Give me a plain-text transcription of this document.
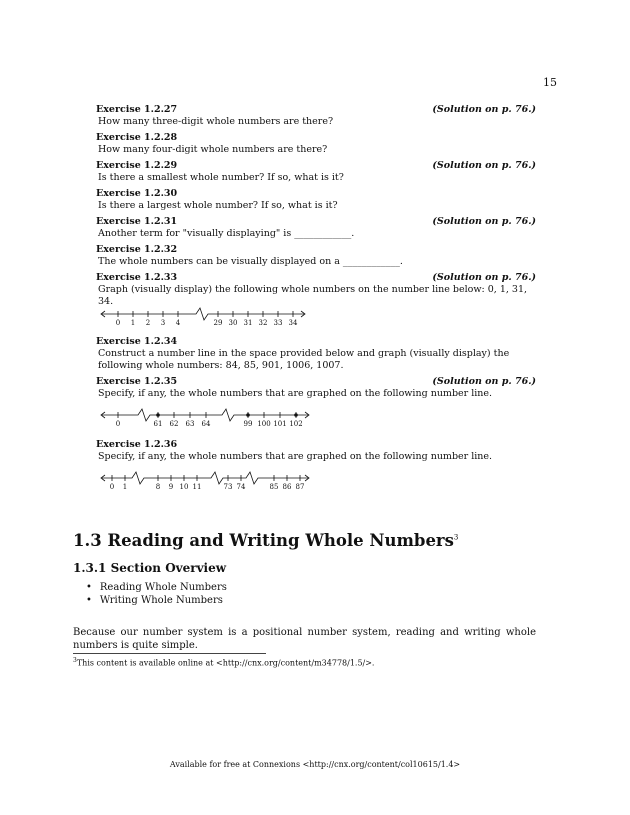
15
Exercise 1.2.27	(Solution on p. 76.)
How many three-digit whole numbers are there?
Exercise 1.2.28
How many four-digit whole numbers are there?
Exercise 1.2.29	(Solution on p. 76.)
Is there a smallest whole number? If so, what is it?
Exercise 1.2.30
Is there a largest whole number? If so, what is it?
Exercise 1.2.31	(Solution on p. 76.)
Another term for "visually displaying" is ____________.
Exercise 1.2.32
The whole numbers can be visually displayed on a ____________.
Exercise 1.2.33	(Solution on p. 76.)
Graph (visually display) the following whole numbers on the number line below: 0, 1, 31, 34.
0 1 2 3 4	29 30 31 32 33 34
Exercise 1.2.34
Construct a number line in the space provided below and graph (visually display) the following whole numbers: 84, 85, 901, 1006, 1007.
Exercise 1.2.35	(Solution on p. 76.)
Specify, if any, the whole numbers that are graphed on the following number line.
0	61 62 63 64	99 100 101 102
Exercise 1.2.36
Specify, if any, the whole numbers that are graphed on the following number line.
0 1	8 9 10 11	73 74	85 86 87
1.3 Reading and Writing Whole Numbers$^3$
1.3.1 Section Overview
• Reading Whole Numbers
• Writing Whole Numbers
Because our number system is a positional number system, reading and writing whole numbers is quite simple.
$^3$This content is available online at <http://cnx.org/content/m34778/1.5/>.
Available for free at Connexions <http://cnx.org/content/col10615/1.4>
